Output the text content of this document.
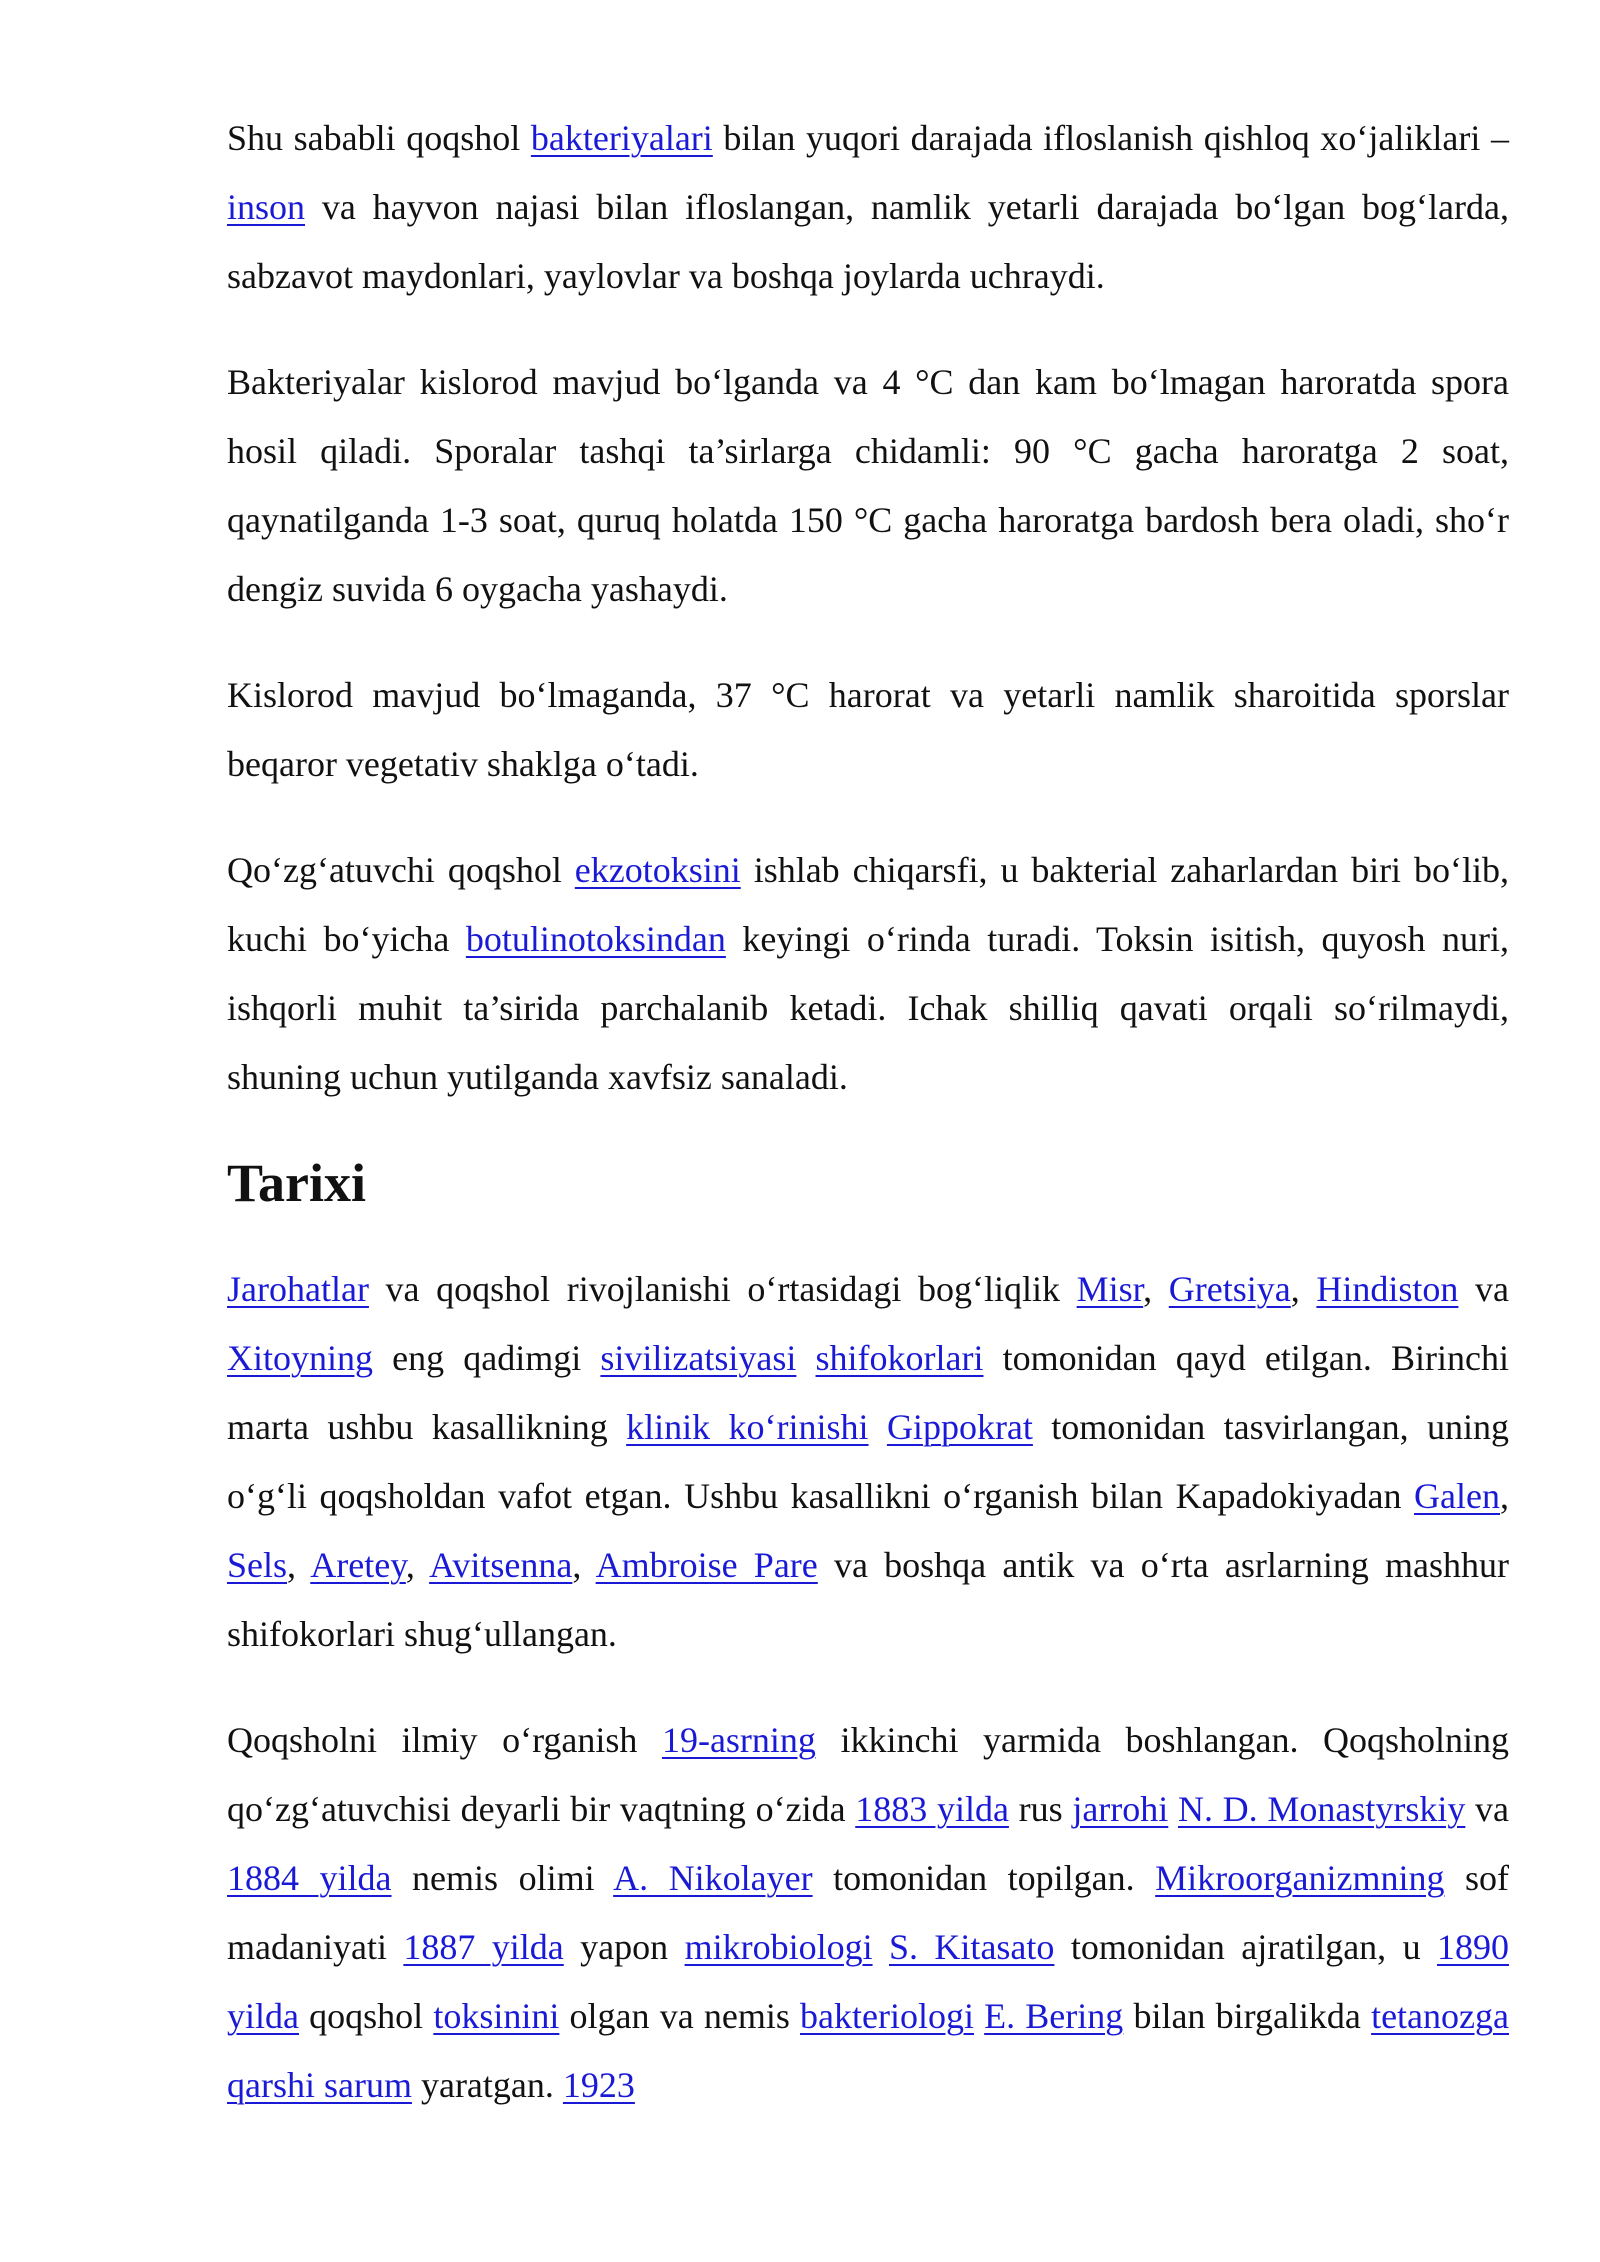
Shu sababli qoqshol bakteriyalari bilan yuqori darajada ifloslanish qishloq xo‘jaliklari – inson va hayvon najasi bilan ifloslangan, namlik yetarli darajada bo‘lgan bog‘larda, sabzavot maydonlari, yaylovlar va boshqa joylarda uchraydi.

Bakteriyalar kislorod mavjud bo‘lganda va 4 °C dan kam bo‘lmagan haroratda spora hosil qiladi. Sporalar tashqi ta’sirlarga chidamli: 90 °C gacha haroratga 2 soat, qaynatilganda 1-3 soat, quruq holatda 150 °C gacha haroratga bardosh bera oladi, sho‘r dengiz suvida 6 oygacha yashaydi.

Kislorod mavjud bo‘lmaganda, 37 °C harorat va yetarli namlik sharoitida sporslar beqaror vegetativ shaklga o‘tadi.

Qo‘zg‘atuvchi qoqshol ekzotoksini ishlab chiqarsfi, u bakterial zaharlardan biri bo‘lib, kuchi bo‘yicha botulinotoksindan keyingi o‘rinda turadi. Toksin isitish, quyosh nuri, ishqorli muhit ta’sirida parchalanib ketadi. Ichak shilliq qavati orqali so‘rilmaydi, shuning uchun yutilganda xavfsiz sanaladi.

Tarixi

Jarohatlar va qoqshol rivojlanishi o‘rtasidagi bog‘liqlik Misr, Gretsiya, Hindiston va Xitoyning eng qadimgi sivilizatsiyasi shifokorlari tomonidan qayd etilgan. Birinchi marta ushbu kasallikning klinik ko‘rinishi Gippokrat tomonidan tasvirlangan, uning o‘g‘li qoqsholdan vafot etgan. Ushbu kasallikni o‘rganish bilan Kapadokiyadan Galen, Sels, Aretey, Avitsenna, Ambroise Pare va boshqa antik va o‘rta asrlarning mashhur shifokorlari shug‘ullangan.

Qoqsholni ilmiy o‘rganish 19-asrning ikkinchi yarmida boshlangan. Qoqsholning qo‘zg‘atuvchisi deyarli bir vaqtning o‘zida 1883 yilda rus jarrohi N. D. Monastyrskiy va 1884 yilda nemis olimi A. Nikolayer tomonidan topilgan. Mikroorganizmning sof madaniyati 1887 yilda yapon mikrobiologi S. Kitasato tomonidan ajratilgan, u 1890 yilda qoqshol toksinini olgan va nemis bakteriologi E. Bering bilan birgalikda tetanozga qarshi sarum yaratgan. 1923
